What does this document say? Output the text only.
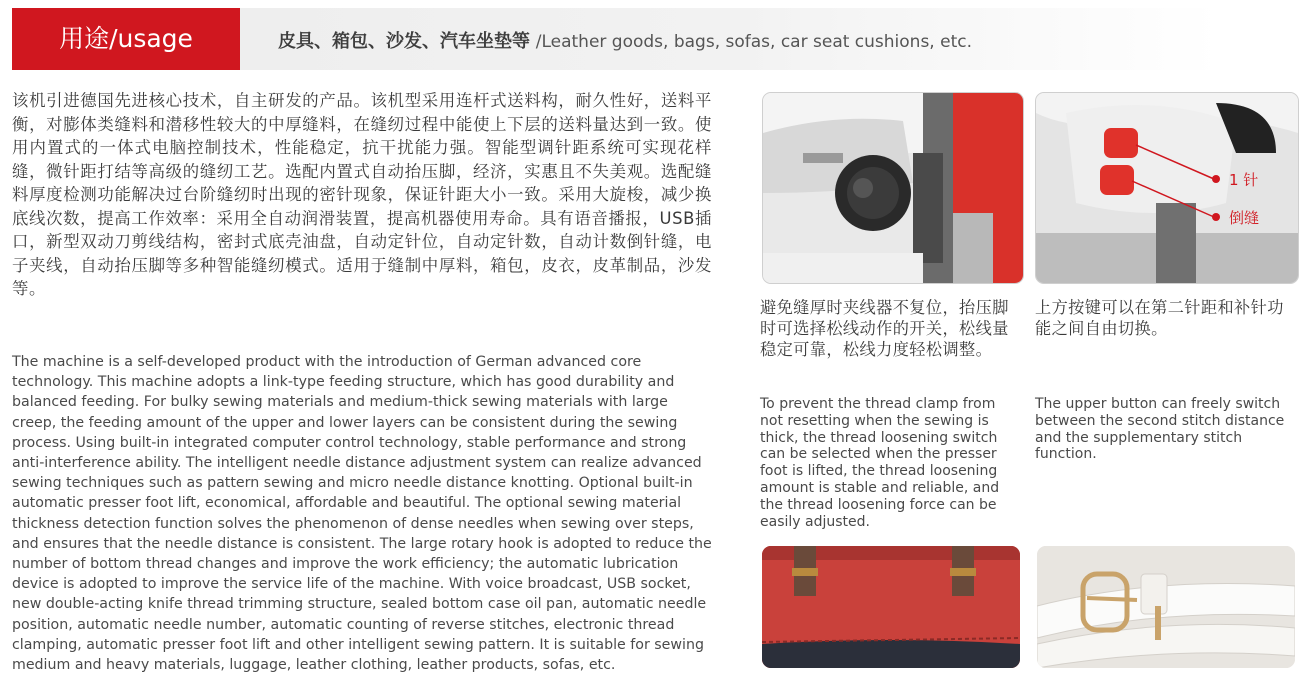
用途/usage	皮具、箱包、沙发、汽车坐垫等 /Leather goods, bags, sofas, car seat cushions, etc.
该机引进德国先进核心技术，自主研发的产品。该机型采用连杆式送料构，耐久性好，送料平衡，对膨体类缝料和潜移性较大的中厚缝料，在缝纫过程中能使上下层的送料量达到一致。使用内置式的一体式电脑控制技术，性能稳定，抗干扰能力强。智能型调针距系统可实现花样缝，微针距打结等高级的缝纫工艺。选配内置式自动抬压脚，经济，实惠且不失美观。选配缝料厚度检测功能解决过台阶缝纫时出现的密针现象，保证针距大小一致。采用大旋梭，减少换底线次数，提高工作效率：采用全自动润滑装置，提高机器使用寿命。具有语音播报，USB插口，新型双动刀剪线结构，密封式底壳油盘，自动定针位，自动定针数，自动计数倒针缝，电子夹线，自动抬压脚等多种智能缝纫模式。适用于缝制中厚料，箱包，皮衣，皮革制品，沙发等。
The machine is a self-developed product with the introduction of German advanced core technology. This machine adopts a link-type feeding structure, which has good durability and balanced feeding. For bulky sewing materials and medium-thick sewing materials with large creep, the feeding amount of the upper and lower layers can be consistent during the sewing process. Using built-in integrated computer control technology, stable performance and strong anti-interference ability. The intelligent needle distance adjustment system can realize advanced sewing techniques such as pattern sewing and micro needle distance knotting. Optional built-in automatic presser foot lift, economical, affordable and beautiful. The optional sewing material thickness detection function solves the phenomenon of dense needles when sewing over steps, and ensures that the needle distance is consistent. The large rotary hook is adopted to reduce the number of bottom thread changes and improve the work efficiency; the automatic lubrication device is adopted to improve the service life of the machine. With voice broadcast, USB socket, new double-acting knife thread trimming structure, sealed bottom case oil pan, automatic needle position, automatic needle number, automatic counting of reverse stitches, electronic thread clamping, automatic presser foot lift and other intelligent sewing pattern. It is suitable for sewing medium and heavy materials, luggage, leather clothing, leather products, sofas, etc.
1 针
倒缝
避免缝厚时夹线器不复位，抬压脚时可选择松线动作的开关，松线量稳定可靠，松线力度轻松调整。
上方按键可以在第二针距和补针功能之间自由切换。
To prevent the thread clamp from not resetting when the sewing is thick, the thread loosening switch can be selected when the presser foot is lifted, the thread loosening amount is stable and reliable, and the thread loosening force can be easily adjusted.
The upper button can freely switch between the second stitch distance and the supplementary stitch function.
